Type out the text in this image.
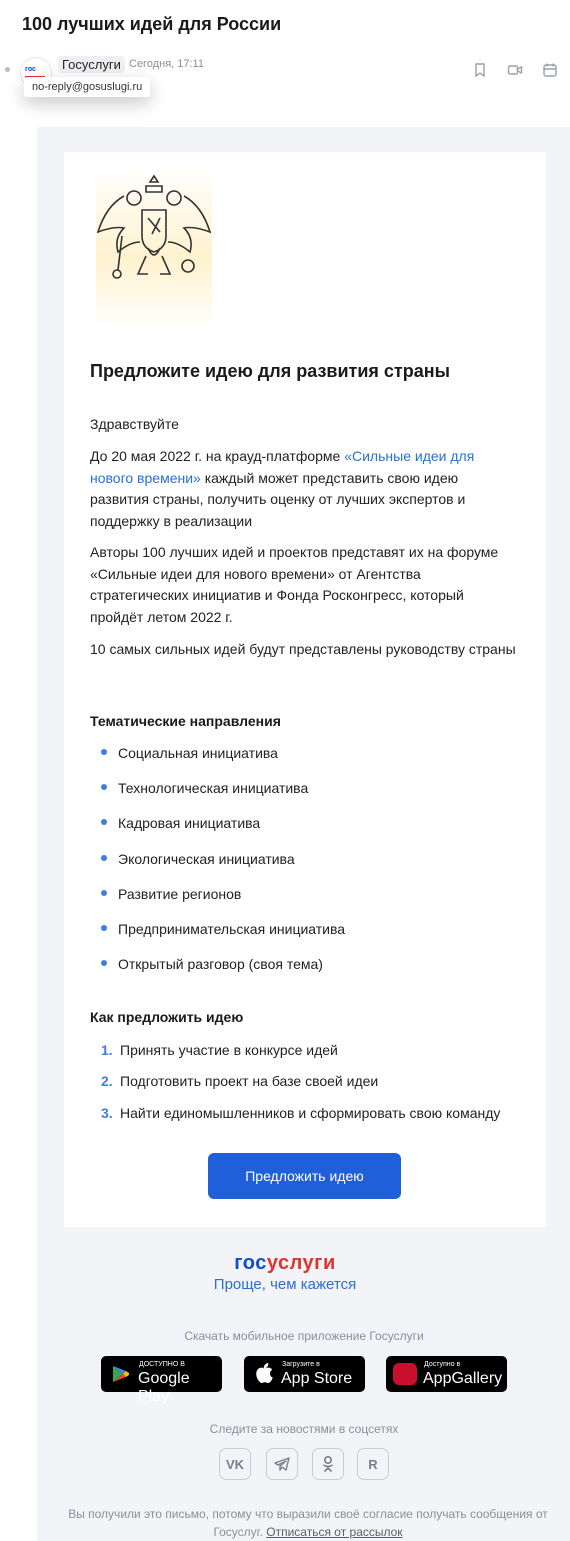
100 лучших идей для России
гос	Госуслуги Сегодня, 17:11
no-reply@gosuslugi.ru
Предложите идею для развития страны
Здравствуйте
До 20 мая 2022 г. на крауд-платформе «Сильные идеи для нового времени» каждый может представить свою идею развития страны, получить оценку от лучших экспертов и поддержку в реализации
Авторы 100 лучших идей и проектов представят их на форуме «Сильные идеи для нового времени» от Агентства стратегических инициатив и Фонда Росконгресс, который пройдёт летом 2022 г.
10 самых сильных идей будут представлены руководству страны
Тематические направления
Социальная инициатива
Технологическая инициатива
Кадровая инициатива
Экологическая инициатива
Развитие регионов
Предпринимательская инициатива
Открытый разговор (своя тема)
Как предложить идею
1. Принять участие в конкурсе идей
2. Подготовить проект на базе своей идеи
3. Найти единомышленников и сформировать свою команду
Предложить идею
госуслуги
Проще, чем кажется
Скачать мобильное приложение Госуслуги
ДОСТУПНО В
Google Play
Загрузите в
App Store
Доступно в
AppGallery
Следите за новостями в соцсетях
VK	R
Вы получили это письмо, потому что выразили своё согласие получать сообщения от Госуслуг. Отписаться от рассылок
